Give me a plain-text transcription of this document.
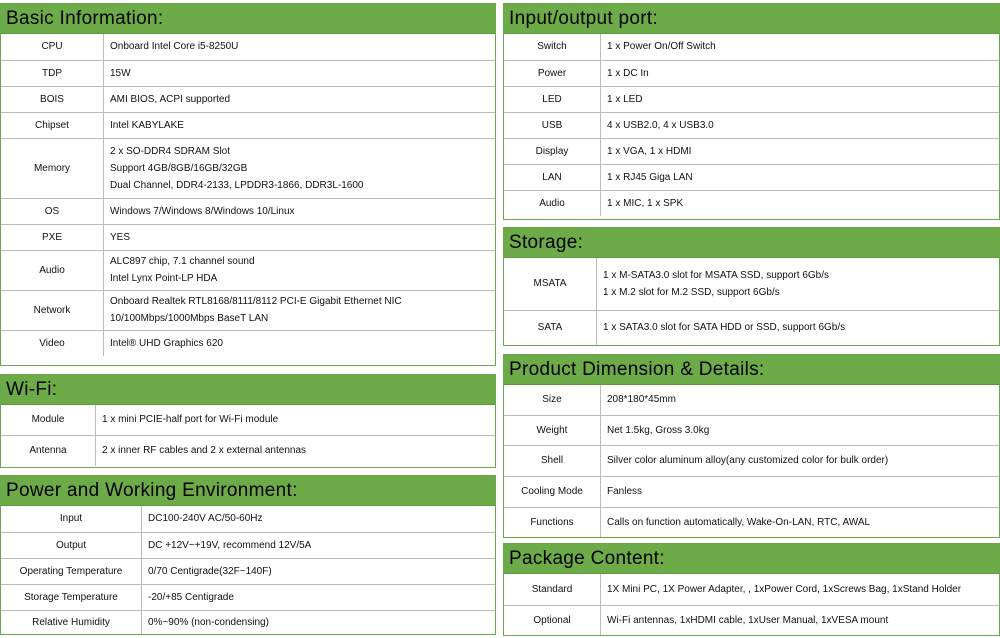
Basic Information:
CPU	Onboard Intel Core i5-8250U

TDP	15W

BOIS	AMI BIOS, ACPI supported

Chipset	Intel KABYLAKE

Memory	2 x SO-DDR4 SDRAM Slot
Support 4GB/8GB/16GB/32GB
Dual Channel, DDR4-2133, LPDDR3-1866, DDR3L-1600

OS	Windows 7/Windows 8/Windows 10/Linux

PXE	YES

Audio	ALC897 chip, 7.1 channel sound
Intel Lynx Point-LP HDA

Network	Onboard Realtek RTL8168/8111/8112 PCI-E Gigabit Ethernet NIC
10/100Mbps/1000Mbps BaseT LAN

Video	Intel® UHD Graphics 620
Wi-Fi:
Module	1 x mini PCIE-half port for Wi-Fi module

Antenna	2 x inner RF cables and 2 x external antennas
Power and Working Environment:
Input	DC100-240V AC/50-60Hz

Output	DC +12V~+19V, recommend 12V/5A

Operating Temperature	0/70 Centigrade(32F~140F)

Storage Temperature	-20/+85 Centigrade

Relative Humidity	0%~90% (non-condensing)
Input/output port:
Switch	1 x Power On/Off Switch

Power	1 x DC In

LED	1 x LED

USB	4 x USB2.0, 4 x USB3.0

Display	1 x VGA, 1 x HDMI

LAN	1 x RJ45 Giga LAN

Audio	1 x MIC, 1 x SPK
Storage:
MSATA	1 x M-SATA3.0 slot for MSATA SSD, support 6Gb/s
1 x M.2 slot for M.2 SSD, support 6Gb/s

SATA	1 x SATA3.0 slot for SATA HDD or SSD, support 6Gb/s
Product Dimension & Details:
Size	208*180*45mm

Weight	Net 1.5kg, Gross 3.0kg

Shell	Silver color aluminum alloy(any customized color for bulk order)

Cooling Mode	Fanless

Functions	Calls on function automatically, Wake-On-LAN, RTC, AWAL
Package Content:
Standard	1X Mini PC, 1X Power Adapter, , 1xPower Cord, 1xScrews Bag, 1xStand Holder

Optional	Wi-Fi antennas, 1xHDMI cable, 1xUser Manual, 1xVESA mount
